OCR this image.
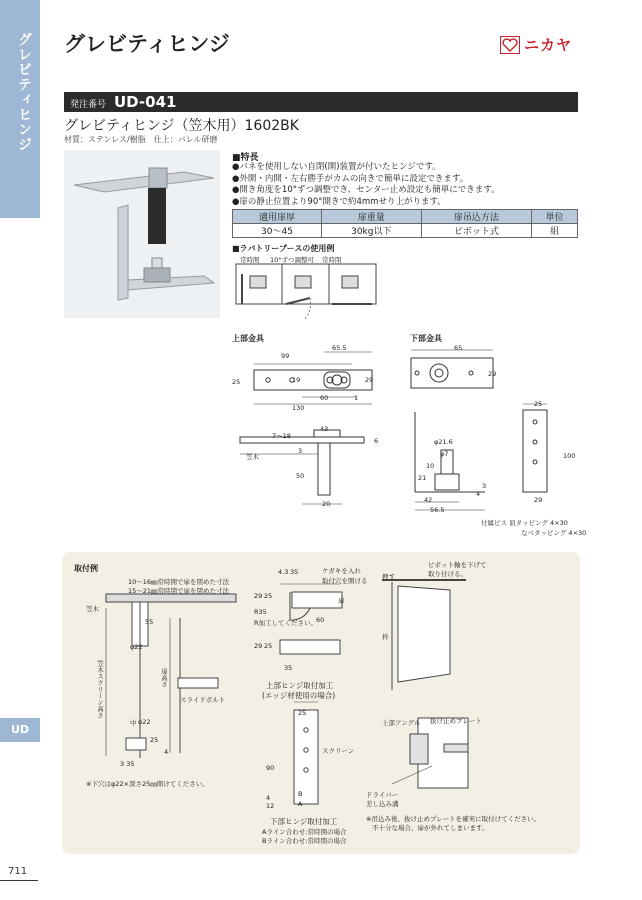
グレビティヒンジ
UD
711
グレビティヒンジ	ニカヤ
発注番号 UD-041
グレビティヒンジ（笠木用）1602BK
材質：ステンレス/樹脂　仕上：バレル研磨
■特長
●バネを使用しない自閉(開)装置が付いたヒンジです。
●外開・内開・左右勝手がカムの向きで簡単に設定できます。
●開き角度を10°ずつ調整でき、センター止め設定も簡単にできます。
●扉の静止位置より90°開きで約4mmせり上がります。
適用扉厚	扉重量	扉吊込方法	単位
30～45	30kg以下	ピボット式	組
■ラバトリーブースの使用例
常時開 10°ずつ調整可 常時閉
上部金具
99
65.5
25	19	29
60	1
130
7～18
43
3
6
笠木
50
20
下部金具
65
29
25
φ21.6
φ7
21
10
100
3
4
42	29
56.5
付属ビス 皿タッピング 4×30
なべタッピング 4×30
取付例
10～16㎜常時開で扉を閉めた寸法
15～21㎜常時閉で扉を閉めた寸法
笠木
55
φ22
笠木スクリーン高さ	扉高さ
スライドボルト
中 φ22
25
4
3 35
※下穴はφ22×深さ25㎜開けてください。
4.3 35	ケガキを入れ
取付穴を開ける
29 25
扉
R35
R加工してください。
60
29 25
35
上部ヒンジ取付加工
(エッジ材使用の場合)
25
スクリーン
90
4
12
B
A
下部ヒンジ取付加工
Aライン合わせ:常時開の場合
Bライン合わせ:常時閉の場合
ピボット軸を下げて
取り付ける。
押す
枠
上部アングル 抜け止めプレート
ドライバー
差し込み溝
※吊込み後、抜け止めプレートを確実に取付けてください。
不十分な場合、扉が外れてしまいます。
